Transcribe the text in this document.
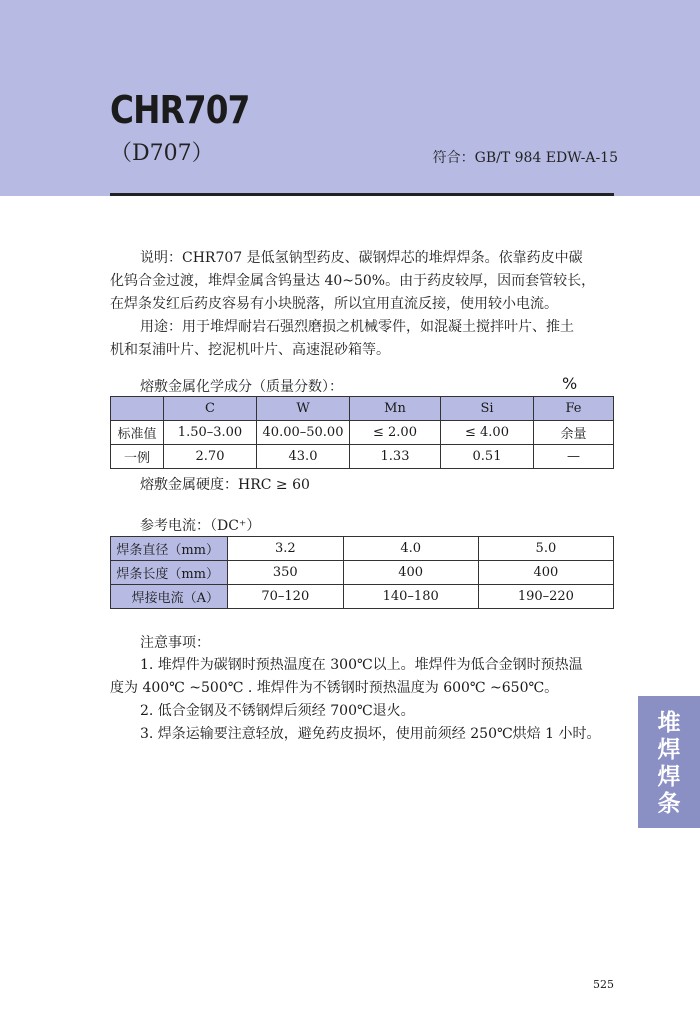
CHR707
（D707）	符合：GB/T 984 EDW-A-15
说明：CHR707 是低氢钠型药皮、碳钢焊芯的堆焊焊条。依靠药皮中碳
化钨合金过渡，堆焊金属含钨量达 40~50%。由于药皮较厚，因而套管较长，
在焊条发红后药皮容易有小块脱落，所以宜用直流反接，使用较小电流。
用途：用于堆焊耐岩石强烈磨损之机械零件，如混凝土搅拌叶片、推土
机和泵浦叶片、挖泥机叶片、高速混砂箱等。
熔敷金属化学成分（质量分数）：	%
	C	W	Mn	Si	Fe
标准值	1.50–3.00	40.00–50.00	≤ 2.00	≤ 4.00	余量
一例	2.70	43.0	1.33	0.51	—
熔敷金属硬度：HRC ≥ 60
参考电流：（DC⁺）
焊条直径（mm）	3.2	4.0	5.0
焊条长度（mm）	350	400	400
焊接电流（A）	70–120	140–180	190–220
注意事项：
1. 堆焊件为碳钢时预热温度在 300℃以上。堆焊件为低合金钢时预热温
度为 400℃ ~500℃ . 堆焊件为不锈钢时预热温度为 600℃ ~650℃。
2. 低合金钢及不锈钢焊后须经 700℃退火。
3. 焊条运输要注意轻放，避免药皮损坏，使用前须经 250℃烘焙 1 小时。	堆
焊
焊
条
525
